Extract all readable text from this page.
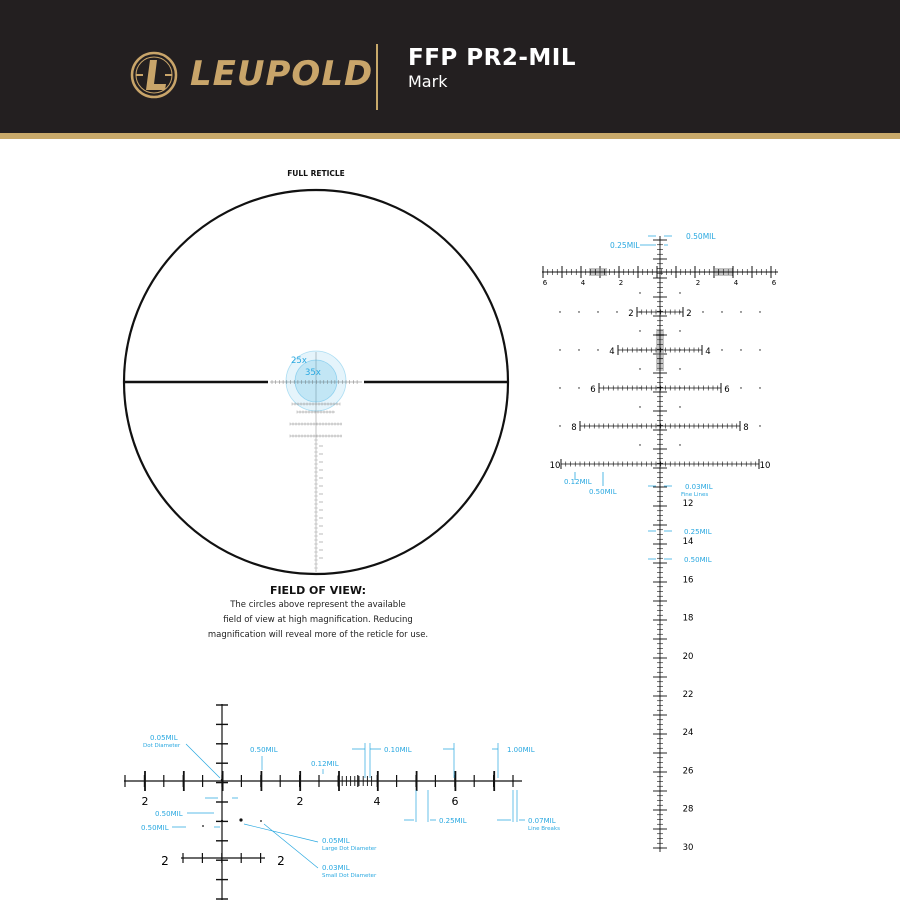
LEUPOLD FFP PR2-MIL
Mark
FULL RETICLE
25x
35x
0.50MIL
0.25MIL
6	4	2	2	4	6
2	2
4	4
6	6
8	8
10	10
0.12MIL
0.50MIL
0.03MIL
Fine Lines
12
14
16
18
20
22
24
26
28
30
0.25MIL
0.50MIL
0.05MIL
Dot Diameter	0.50MIL
0.12MIL
0.10MIL	1.00MIL
2	2	4	6
0.50MIL
0.50MIL
0.25MIL	0.07MIL
Line Breaks
0.05MIL
Large Dot Diameter
0.03MIL
Small Dot Diameter
2	2
FIELD OF VIEW:
The circles above represent the available
field of view at high magnification. Reducing
magnification will reveal more of the reticle for use.
